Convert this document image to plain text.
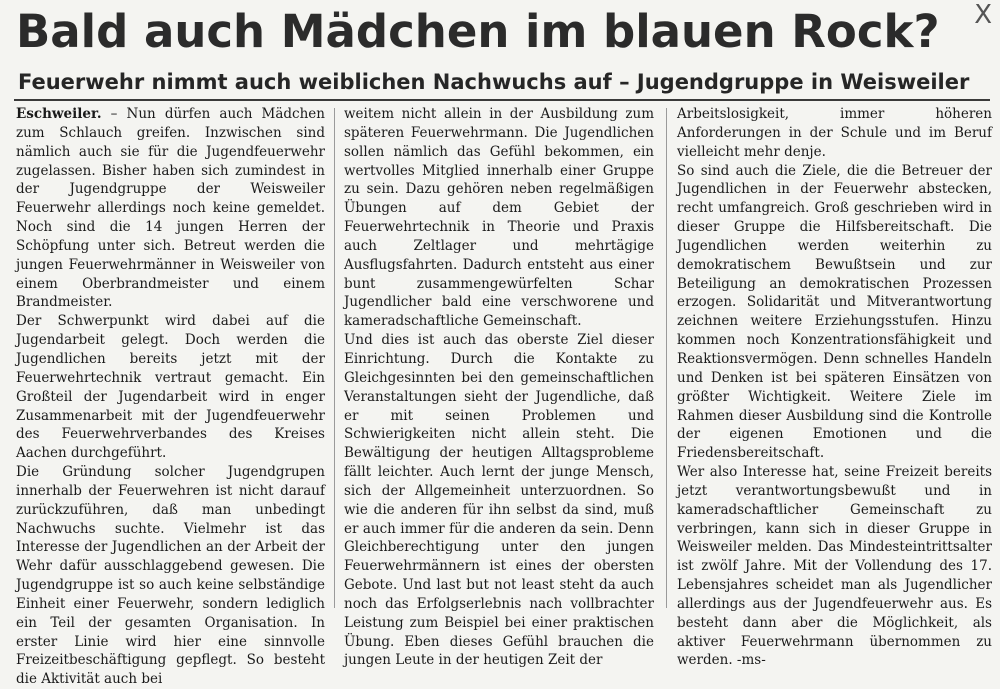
Bald auch Mädchen im blauen Rock? X
Feuerwehr nimmt auch weiblichen Nachwuchs auf – Jugendgruppe in Weisweiler

Eschweiler. – Nun dürfen auch Mädchen zum Schlauch greifen. Inzwischen sind nämlich auch sie für die Jugendfeuerwehr zugelassen. Bisher haben sich zumindest in der Jugendgruppe der Weisweiler Feuerwehr allerdings noch keine gemeldet. Noch sind die 14 jungen Herren der Schöpfung unter sich. Betreut werden die jungen Feuerwehrmänner in Weisweiler von einem Oberbrandmeister und einem Brandmeister.

Der Schwerpunkt wird dabei auf die Jugendarbeit gelegt. Doch werden die Jugendlichen bereits jetzt mit der Feuerwehrtechnik vertraut gemacht. Ein Großteil der Jugendarbeit wird in enger Zusammenarbeit mit der Jugendfeuerwehr des Feuerwehrverbandes des Kreises Aachen durchgeführt.

Die Gründung solcher Jugendgrupen innerhalb der Feuerwehren ist nicht darauf zurückzuführen, daß man unbedingt Nachwuchs suchte. Vielmehr ist das Interesse der Jugendlichen an der Arbeit der Wehr dafür ausschlaggebend gewesen. Die Jugendgruppe ist so auch keine selbständige Einheit einer Feuerwehr, sondern lediglich ein Teil der gesamten Organisation. In erster Linie wird hier eine sinnvolle Freizeitbeschäftigung gepflegt. So besteht die Aktivität auch bei

weitem nicht allein in der Ausbildung zum späteren Feuerwehrmann. Die Jugendlichen sollen nämlich das Gefühl bekommen, ein wertvolles Mitglied innerhalb einer Gruppe zu sein. Dazu gehören neben regelmäßigen Übungen auf dem Gebiet der Feuerwehrtechnik in Theorie und Praxis auch Zeltlager und mehrtägige Ausflugsfahrten. Dadurch entsteht aus einer bunt zusammengewürfelten Schar Jugendlicher bald eine verschworene und kameradschaftliche Gemeinschaft.

Und dies ist auch das oberste Ziel dieser Einrichtung. Durch die Kontakte zu Gleichgesinnten bei den gemeinschaftlichen Veranstaltungen sieht der Jugendliche, daß er mit seinen Problemen und Schwierigkeiten nicht allein steht. Die Bewältigung der heutigen Alltagsprobleme fällt leichter. Auch lernt der junge Mensch, sich der Allgemeinheit unterzuordnen. So wie die anderen für ihn selbst da sind, muß er auch immer für die anderen da sein. Denn Gleichberechtigung unter den jungen Feuerwehrmännern ist eines der obersten Gebote. Und last but not least steht da auch noch das Erfolgserlebnis nach vollbrachter Leistung zum Beispiel bei einer praktischen Übung. Eben dieses Gefühl brauchen die jungen Leute in der heutigen Zeit der

Arbeitslosigkeit, immer höheren Anforderungen in der Schule und im Beruf vielleicht mehr denje.

So sind auch die Ziele, die die Betreuer der Jugendlichen in der Feuerwehr abstecken, recht umfangreich. Groß geschrieben wird in dieser Gruppe die Hilfsbereitschaft. Die Jugendlichen werden weiterhin zu demokratischem Bewußtsein und zur Beteiligung an demokratischen Prozessen erzogen. Solidarität und Mitverantwortung zeichnen weitere Erziehungsstufen. Hinzu kommen noch Konzentrationsfähigkeit und Reaktionsvermögen. Denn schnelles Handeln und Denken ist bei späteren Einsätzen von größter Wichtigkeit. Weitere Ziele im Rahmen dieser Ausbildung sind die Kontrolle der eigenen Emotionen und die Friedensbereitschaft.

Wer also Interesse hat, seine Freizeit bereits jetzt verantwortungsbewußt und in kameradschaftlicher Gemeinschaft zu verbringen, kann sich in dieser Gruppe in Weisweiler melden. Das Mindesteintrittsalter ist zwölf Jahre. Mit der Vollendung des 17. Lebensjahres scheidet man als Jugendlicher allerdings aus der Jugendfeuerwehr aus. Es besteht dann aber die Möglichkeit, als aktiver Feuerwehrmann übernommen zu werden. -ms-
